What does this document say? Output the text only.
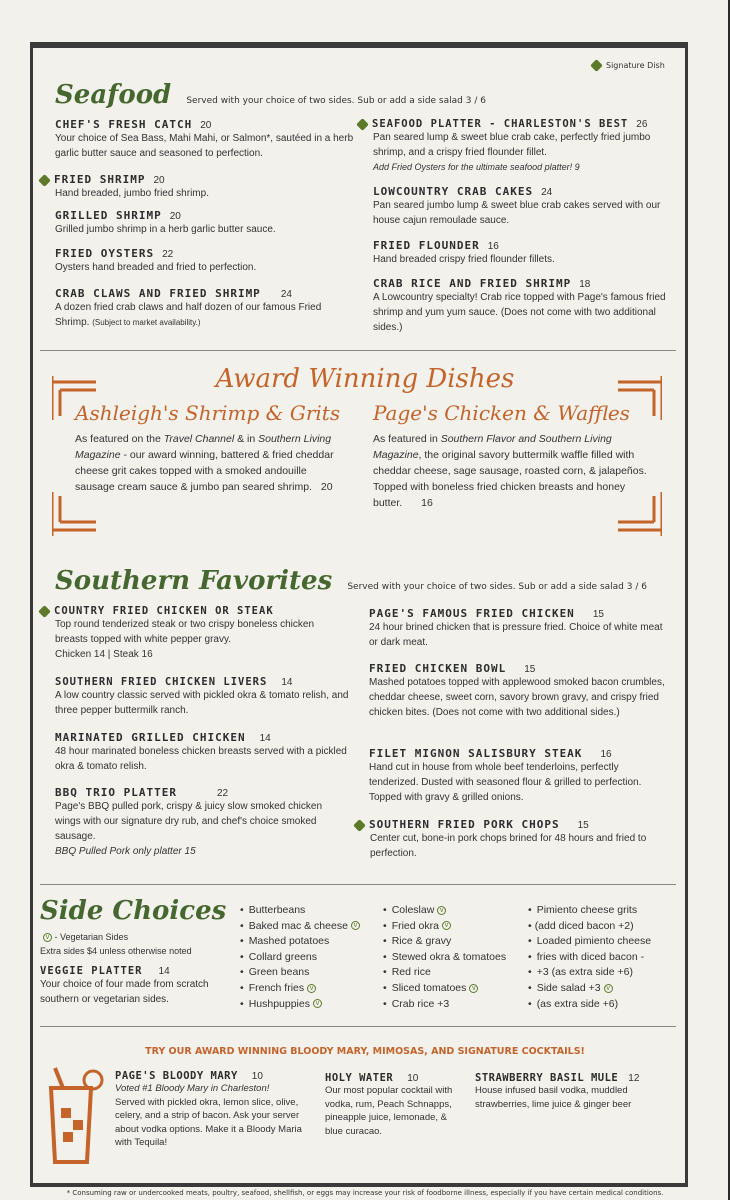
Signature Dish
Seafood Served with your choice of two sides. Sub or add a side salad 3 / 6
CHEF'S FRESH CATCH 20
Your choice of Sea Bass, Mahi Mahi, or Salmon*, sautéed in a herb garlic butter sauce and seasoned to perfection.
FRIED SHRIMP 20
Hand breaded, jumbo fried shrimp.
GRILLED SHRIMP 20
Grilled jumbo shrimp in a herb garlic butter sauce.
FRIED OYSTERS 22
Oysters hand breaded and fried to perfection.
CRAB CLAWS AND FRIED SHRIMP 24
A dozen fried crab claws and half dozen of our famous Fried Shrimp. (Subject to market availability.)
SEAFOOD PLATTER - CHARLESTON'S BEST 26
Pan seared lump & sweet blue crab cake, perfectly fried jumbo shrimp, and a crispy fried flounder fillet.
Add Fried Oysters for the ultimate seafood platter! 9
LOWCOUNTRY CRAB CAKES 24
Pan seared jumbo lump & sweet blue crab cakes served with our house cajun remoulade sauce.
FRIED FLOUNDER 16
Hand breaded crispy fried flounder fillets.
CRAB RICE AND FRIED SHRIMP 18
A Lowcountry specialty! Crab rice topped with Page's famous fried shrimp and yum yum sauce. (Does not come with two additional sides.)
Award Winning Dishes
Ashleigh's Shrimp & Grits
As featured on the Travel Channel & in Southern Living Magazine - our award winning, battered & fried cheddar cheese grit cakes topped with a smoked andouille sausage cream sauce & jumbo pan seared shrimp. 20
Page's Chicken & Waffles
As featured in Southern Flavor and Southern Living Magazine, the original savory buttermilk waffle filled with cheddar cheese, sage sausage, roasted corn, & jalapeños. Topped with boneless fried chicken breasts and honey butter. 16
Southern Favorites Served with your choice of two sides. Sub or add a side salad 3 / 6
COUNTRY FRIED CHICKEN OR STEAK
Top round tenderized steak or two crispy boneless chicken breasts topped with white pepper gravy.
Chicken 14 | Steak 16
SOUTHERN FRIED CHICKEN LIVERS 14
A low country classic served with pickled okra & tomato relish, and three pepper buttermilk ranch.
MARINATED GRILLED CHICKEN 14
48 hour marinated boneless chicken breasts served with a pickled okra & tomato relish.
BBQ TRIO PLATTER	22
Page's BBQ pulled pork, crispy & juicy slow smoked chicken wings with our signature dry rub, and chef's choice smoked sausage.
BBQ Pulled Pork only platter 15
PAGE'S FAMOUS FRIED CHICKEN 15
24 hour brined chicken that is pressure fried. Choice of white meat or dark meat.
FRIED CHICKEN BOWL 15
Mashed potatoes topped with applewood smoked bacon crumbles, cheddar cheese, sweet corn, savory brown gravy, and crispy fried chicken bites. (Does not come with two additional sides.)
FILET MIGNON SALISBURY STEAK 16
Hand cut in house from whole beef tenderloins, perfectly tenderized. Dusted with seasoned flour & grilled to perfection. Topped with gravy & grilled onions.
SOUTHERN FRIED PORK CHOPS 15
Center cut, bone-in pork chops brined for 48 hours and fried to perfection.
Side Choices
v - Vegetarian Sides
Extra sides $4 unless otherwise noted
VEGGIE PLATTER 14
Your choice of four made from scratch southern or vegetarian sides.
• Butterbeans
• Baked mac & cheese v
• Mashed potatoes
• Collard greens
• Green beans
• French fries v
• Hushpuppies v
• Coleslaw v
• Fried okra v
• Rice & gravy
• Stewed okra & tomatoes
• Red rice
• Sliced tomatoes v
• Crab rice +3
• Pimiento cheese grits
• (add diced bacon +2)
• Loaded pimiento cheese
• fries with diced bacon -
• +3 (as extra side +6)
• Side salad +3 v
• (as extra side +6)
TRY OUR AWARD WINNING BLOODY MARY, MIMOSAS, AND SIGNATURE COCKTAILS!
PAGE'S BLOODY MARY 10
Voted #1 Bloody Mary in Charleston!
Served with pickled okra, lemon slice, olive, celery, and a strip of bacon. Ask your server about vodka options. Make it a Bloody Maria with Tequila!
HOLY WATER 10
Our most popular cocktail with vodka, rum, Peach Schnapps, pineapple juice, lemonade, & blue curacao.
STRAWBERRY BASIL MULE 12
House infused basil vodka, muddled strawberries, lime juice & ginger beer
* Consuming raw or undercooked meats, poultry, seafood, shellfish, or eggs may increase your risk of foodborne illness, especially if you have certain medical conditions.
